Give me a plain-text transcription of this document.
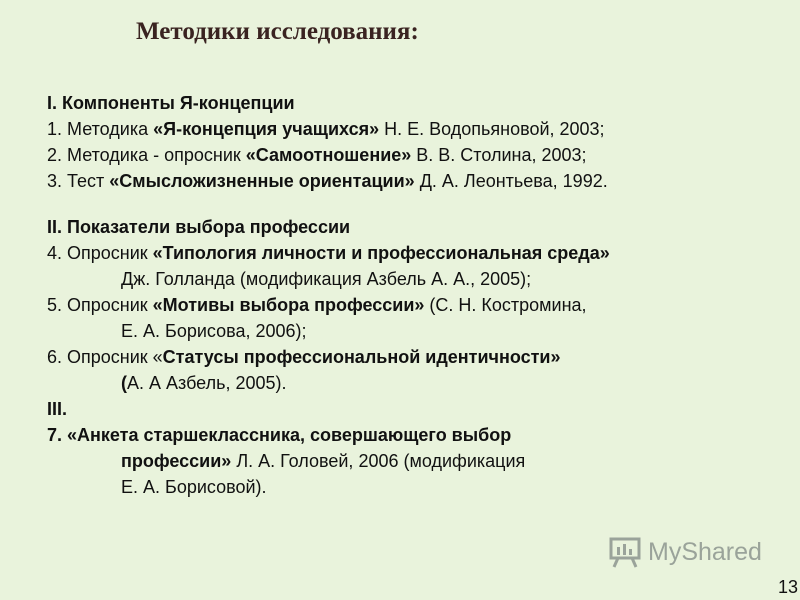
Методики исследования:
I. Компоненты Я-концепции
1. Методика «Я-концепция учащихся» Н. Е. Водопьяновой, 2003;
2. Методика - опросник «Самоотношение» В. В. Столина, 2003;
3. Тест «Смысложизненные ориентации» Д. А. Леонтьева, 1992.
II. Показатели выбора профессии
4. Опросник «Типология личности и профессиональная среда»
Дж. Голланда (модификация Азбель А. А., 2005);
5. Опросник «Мотивы выбора профессии» (С. Н. Костромина,
Е. А. Борисова, 2006);
6. Опросник «Статусы профессиональной идентичности»
(А. А Азбель, 2005).
III.
7. «Анкета старшеклассника, совершающего выбор
профессии» Л. А. Головей, 2006 (модификация
Е. А. Борисовой).
MyShared
13
